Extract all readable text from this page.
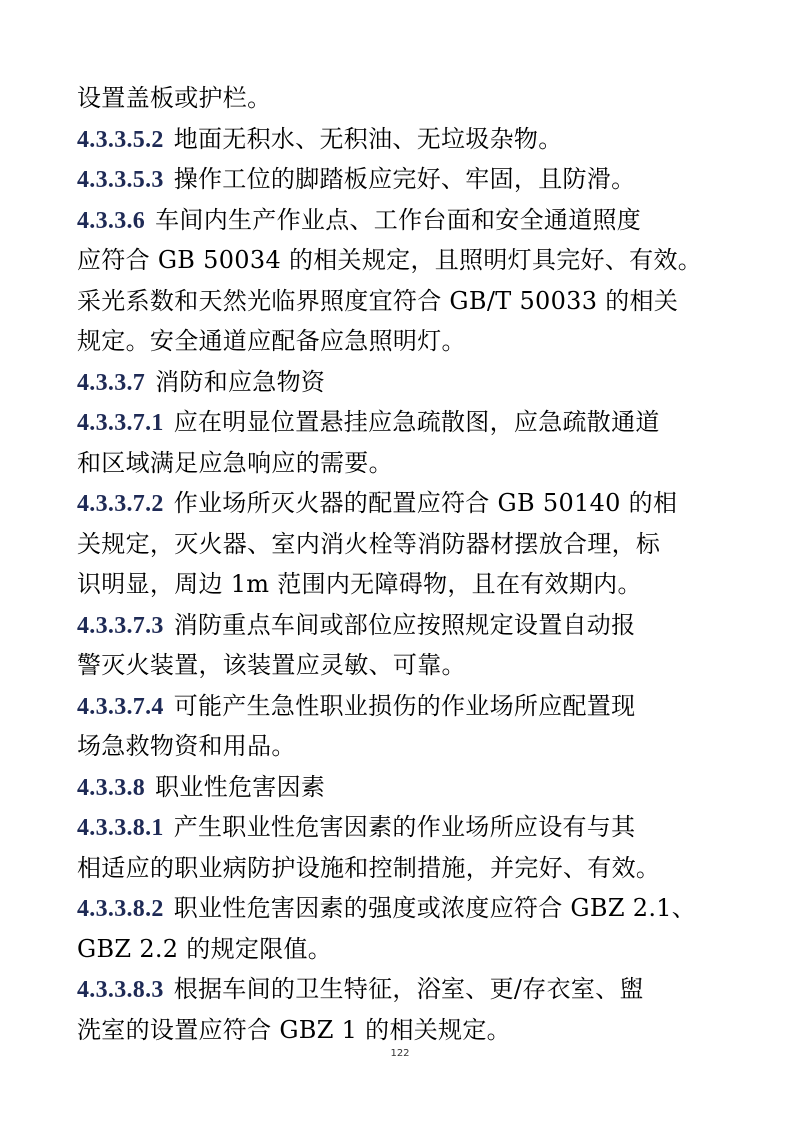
设置盖板或护栏。
4.3.3.5.2 地面无积水、无积油、无垃圾杂物。
4.3.3.5.3 操作工位的脚踏板应完好、牢固，且防滑。
4.3.3.6 车间内生产作业点、工作台面和安全通道照度
应符合 GB 50034 的相关规定，且照明灯具完好、有效。
采光系数和天然光临界照度宜符合 GB/T 50033 的相关
规定。安全通道应配备应急照明灯。
4.3.3.7 消防和应急物资
4.3.3.7.1 应在明显位置悬挂应急疏散图，应急疏散通道
和区域满足应急响应的需要。
4.3.3.7.2 作业场所灭火器的配置应符合 GB 50140 的相
关规定，灭火器、室内消火栓等消防器材摆放合理，标
识明显，周边 1m 范围内无障碍物，且在有效期内。
4.3.3.7.3 消防重点车间或部位应按照规定设置自动报
警灭火装置，该装置应灵敏、可靠。
4.3.3.7.4 可能产生急性职业损伤的作业场所应配置现
场急救物资和用品。
4.3.3.8 职业性危害因素
4.3.3.8.1 产生职业性危害因素的作业场所应设有与其
相适应的职业病防护设施和控制措施，并完好、有效。
4.3.3.8.2 职业性危害因素的强度或浓度应符合 GBZ 2.1、
GBZ 2.2 的规定限值。
4.3.3.8.3 根据车间的卫生特征，浴室、更/存衣室、盥
洗室的设置应符合 GBZ 1 的相关规定。
122
